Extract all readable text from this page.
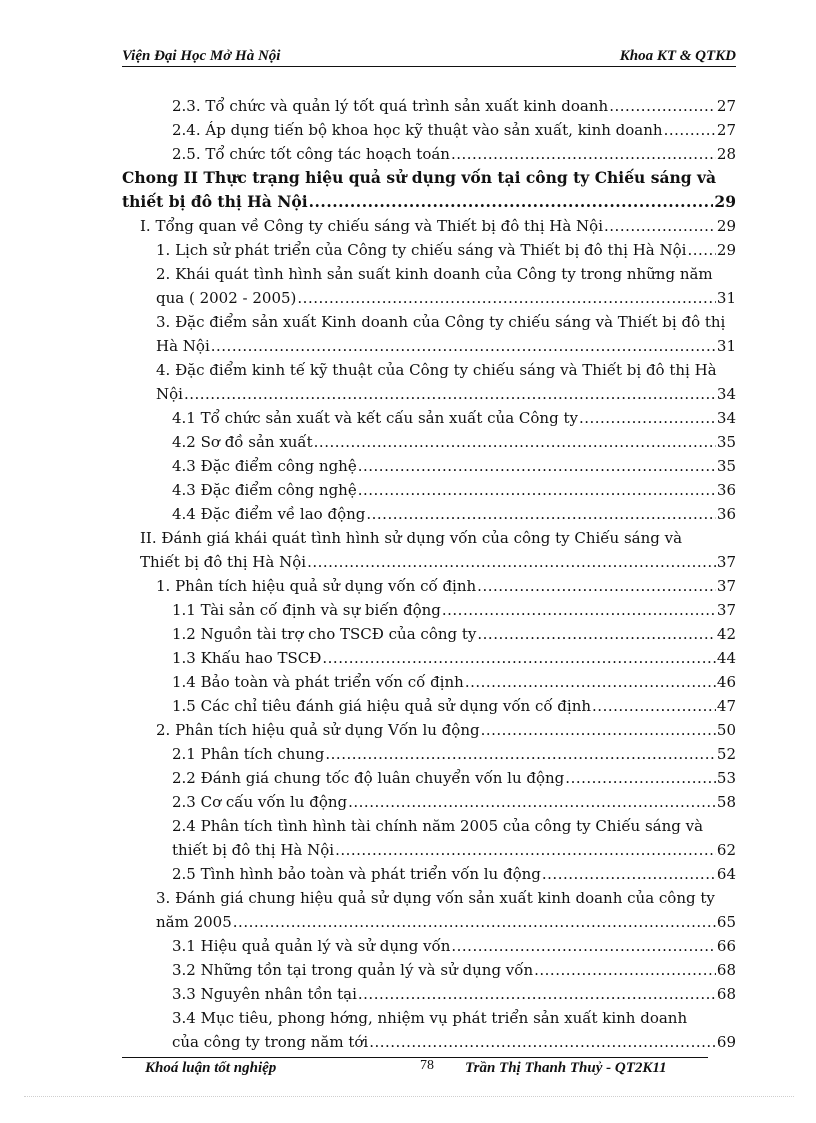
Viện Đại Học Mở Hà Nội	Khoa KT & QTKD
2.3. Tổ chức và quản lý tốt quá trình sản xuất kinh doanh .....	27
2.4. Áp dụng tiến bộ khoa học kỹ thuật vào sản xuất, kinh doanh .....	27
2.5. Tổ chức tốt công tác hoạch toán .....	28
Chong II Thực trạng hiệu quả sử dụng vốn tại công ty Chiếu sáng và
thiết bị đô thị Hà Nội .....	29
I. Tổng quan về Công ty chiếu sáng và Thiết bị đô thị Hà Nội .....	29
1. Lịch sử phát triển của Công ty chiếu sáng và Thiết bị đô thị Hà Nội ..... 29
2. Khái quát tình hình sản suất kinh doanh của Công ty trong những năm
qua ( 2002 - 2005) .....	31
3. Đặc điểm sản xuất Kinh doanh của Công ty chiếu sáng và Thiết bị đô thị
Hà Nội .....	31
4. Đặc điểm kinh tế kỹ thuật của Công ty chiếu sáng và Thiết bị đô thị Hà
Nội .....	34
4.1 Tổ chức sản xuất và kết cấu sản xuất của Công ty .....	34
4.2 Sơ đồ sản xuất .....	35
4.3 Đặc điểm công nghệ .....	35
4.3 Đặc điểm công nghệ .....	36
4.4 Đặc điểm về lao động .....	36
II. Đánh giá khái quát tình hình sử dụng vốn của công ty Chiếu sáng và
Thiết bị đô thị Hà Nội .....	37
1. Phân tích hiệu quả sử dụng vốn cố định .....	37
1.1 Tài sản cố định và sự biến động .....	37
1.2 Nguồn tài trợ cho TSCĐ của công ty .....	42
1.3 Khấu hao TSCĐ .....	44
1.4 Bảo toàn và phát triển vốn cố định .....	46
1.5 Các chỉ tiêu đánh giá hiệu quả sử dụng vốn cố định .....	47
2. Phân tích hiệu quả sử dụng Vốn lu động .....	50
2.1 Phân tích chung .....	52
2.2 Đánh giá chung tốc độ luân chuyển vốn lu động .....	53
2.3 Cơ cấu vốn lu động .....	58
2.4 Phân tích tình hình tài chính năm 2005 của công ty Chiếu sáng và
thiết bị đô thị Hà Nội .....	62
2.5 Tình hình bảo toàn và phát triển vốn lu động .....	64
3. Đánh giá chung hiệu quả sử dụng vốn sản xuất kinh doanh của công ty
năm 2005 .....	65
3.1 Hiệu quả quản lý và sử dụng vốn .....	66
3.2 Những tồn tại trong quản lý và sử dụng vốn .....	68
3.3 Nguyên nhân tồn tại .....	68
3.4 Mục tiêu, phong hớng, nhiệm vụ phát triển sản xuất kinh doanh
của công ty trong năm tới .....	69
Khoá luận tốt nghiệp	78 Trần Thị Thanh Thuỷ - QT2K11
